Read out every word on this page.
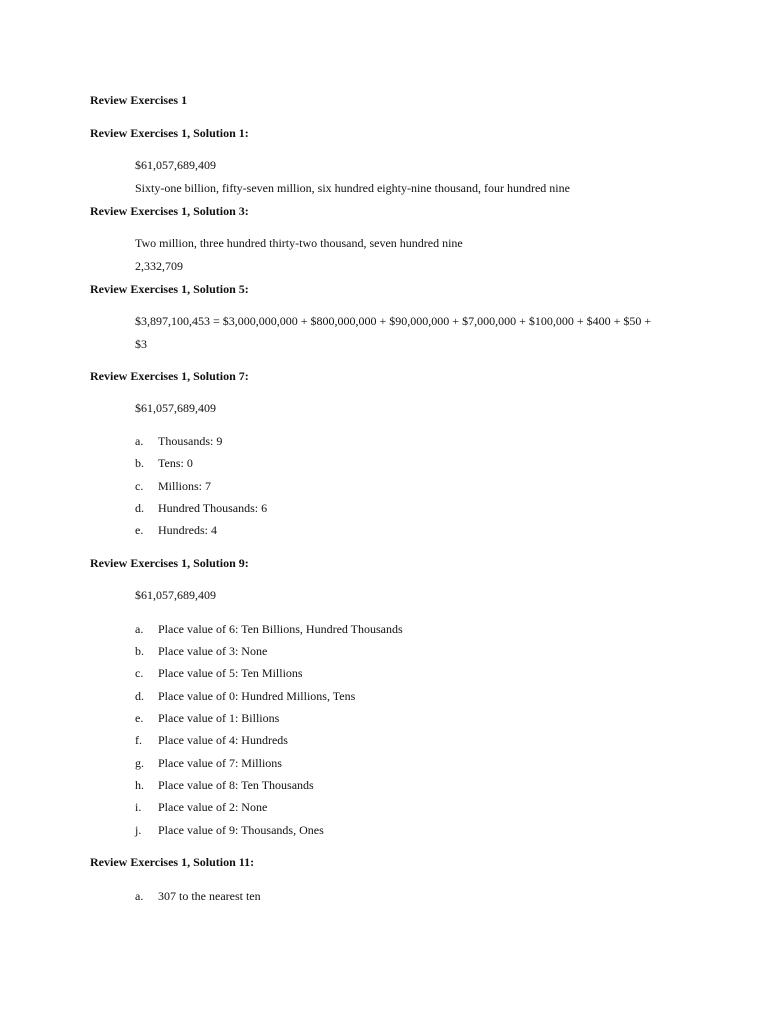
Review Exercises 1
Review Exercises 1, Solution 1:
$61,057,689,409
Sixty-one billion, fifty-seven million, six hundred eighty-nine thousand, four hundred nine
Review Exercises 1, Solution 3:
Two million, three hundred thirty-two thousand, seven hundred nine
2,332,709
Review Exercises 1, Solution 5:
$3,897,100,453 = $3,000,000,000 + $800,000,000 + $90,000,000 + $7,000,000 + $100,000 + $400 + $50 +
$3
Review Exercises 1, Solution 7:
$61,057,689,409
a.	Thousands: 9
b.	Tens: 0
c.	Millions: 7
d.	Hundred Thousands: 6
e.	Hundreds: 4
Review Exercises 1, Solution 9:
$61,057,689,409
a.	Place value of 6: Ten Billions, Hundred Thousands
b.	Place value of 3: None
c.	Place value of 5: Ten Millions
d.	Place value of 0: Hundred Millions, Tens
e.	Place value of 1: Billions
f.	Place value of 4: Hundreds
g.	Place value of 7: Millions
h.	Place value of 8: Ten Thousands
i.	Place value of 2: None
j.	Place value of 9: Thousands, Ones
Review Exercises 1, Solution 11:
a.	307 to the nearest ten
